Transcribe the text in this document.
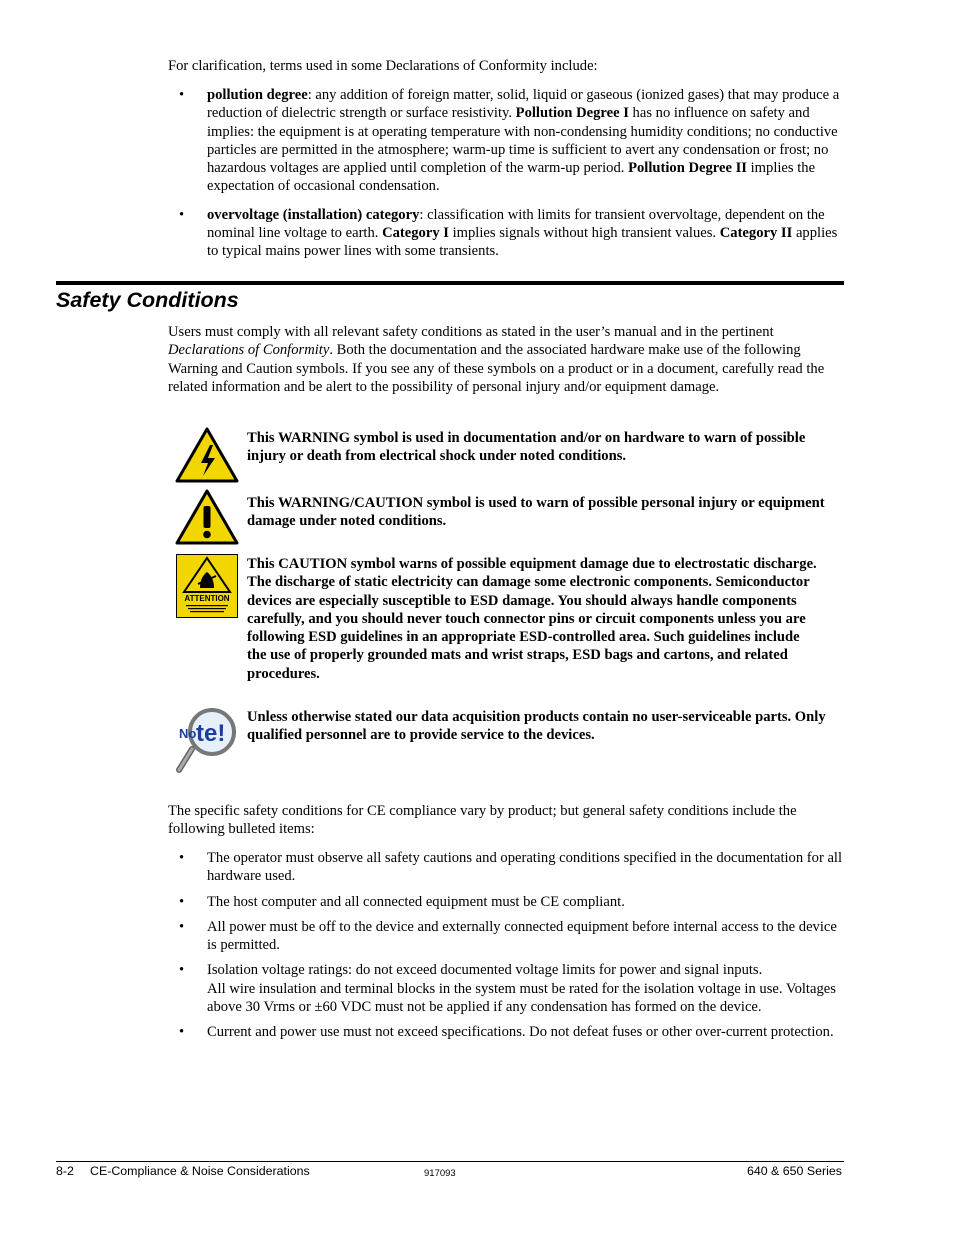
For clarification, terms used in some Declarations of Conformity include:

• pollution degree: any addition of foreign matter, solid, liquid or gaseous (ionized gases) that may produce a reduction of dielectric strength or surface resistivity. Pollution Degree I has no influence on safety and implies: the equipment is at operating temperature with non-condensing humidity conditions; no conductive particles are permitted in the atmosphere; warm-up time is sufficient to avert any condensation or frost; no hazardous voltages are applied until completion of the warm-up period. Pollution Degree II implies the expectation of occasional condensation.
• overvoltage (installation) category: classification with limits for transient overvoltage, dependent on the nominal line voltage to earth. Category I implies signals without high transient values. Category II applies to typical mains power lines with some transients.
Safety Conditions

Users must comply with all relevant safety conditions as stated in the user’s manual and in the pertinent Declarations of Conformity. Both the documentation and the associated hardware make use of the following Warning and Caution symbols. If you see any of these symbols on a product or in a document, carefully read the related information and be alert to the possibility of personal injury and/or equipment damage.

This WARNING symbol is used in documentation and/or on hardware to warn of possible injury or death from electrical shock under noted conditions.

This WARNING/CAUTION symbol is used to warn of possible personal injury or equipment damage under noted conditions.

ATTENTION

This CAUTION symbol warns of possible equipment damage due to electrostatic discharge. The discharge of static electricity can damage some electronic components. Semiconductor devices are especially susceptible to ESD damage. You should always handle components carefully, and you should never touch connector pins or circuit components unless you are following ESD guidelines in an appropriate ESD-controlled area. Such guidelines include the use of properly grounded mats and wrist straps, ESD bags and cartons, and related procedures.

No te!

Unless otherwise stated our data acquisition products contain no user-serviceable parts. Only qualified personnel are to provide service to the devices.

The specific safety conditions for CE compliance vary by product; but general safety conditions include the following bulleted items:

• The operator must observe all safety cautions and operating conditions specified in the documentation for all hardware used.
• The host computer and all connected equipment must be CE compliant.
• All power must be off to the device and externally connected equipment before internal access to the device is permitted.
• Isolation voltage ratings: do not exceed documented voltage limits for power and signal inputs.
All wire insulation and terminal blocks in the system must be rated for the isolation voltage in use. Voltages above 30 Vrms or ±60 VDC must not be applied if any condensation has formed on the device.
• Current and power use must not exceed specifications. Do not defeat fuses or other over-current protection.
8-2 CE-Compliance & Noise Considerations	917093	640 & 650 Series
